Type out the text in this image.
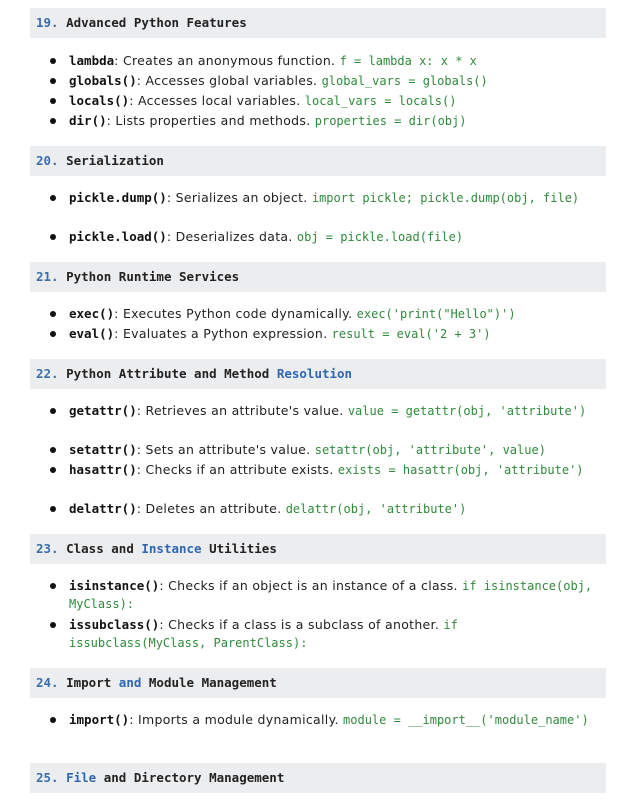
19. Advanced Python Features
lambda: Creates an anonymous function. f = lambda x: x * x
globals(): Accesses global variables. global_vars = globals()
locals(): Accesses local variables. local_vars = locals()
dir(): Lists properties and methods. properties = dir(obj)
20. Serialization
pickle.dump(): Serializes an object. import pickle; pickle.dump(obj, file)
pickle.load(): Deserializes data. obj = pickle.load(file)
21. Python Runtime Services
exec(): Executes Python code dynamically. exec('print("Hello")')
eval(): Evaluates a Python expression. result = eval('2 + 3')
22. Python Attribute and Method Resolution
getattr(): Retrieves an attribute's value. value = getattr(obj, 'attribute')
setattr(): Sets an attribute's value. setattr(obj, 'attribute', value)
hasattr(): Checks if an attribute exists. exists = hasattr(obj, 'attribute')
delattr(): Deletes an attribute. delattr(obj, 'attribute')
23. Class and Instance Utilities
isinstance(): Checks if an object is an instance of a class. if isinstance(obj, MyClass):
issubclass(): Checks if a class is a subclass of another. if issubclass(MyClass, ParentClass):
24. Import and Module Management
import(): Imports a module dynamically. module = __import__('module_name')
25. File and Directory Management
